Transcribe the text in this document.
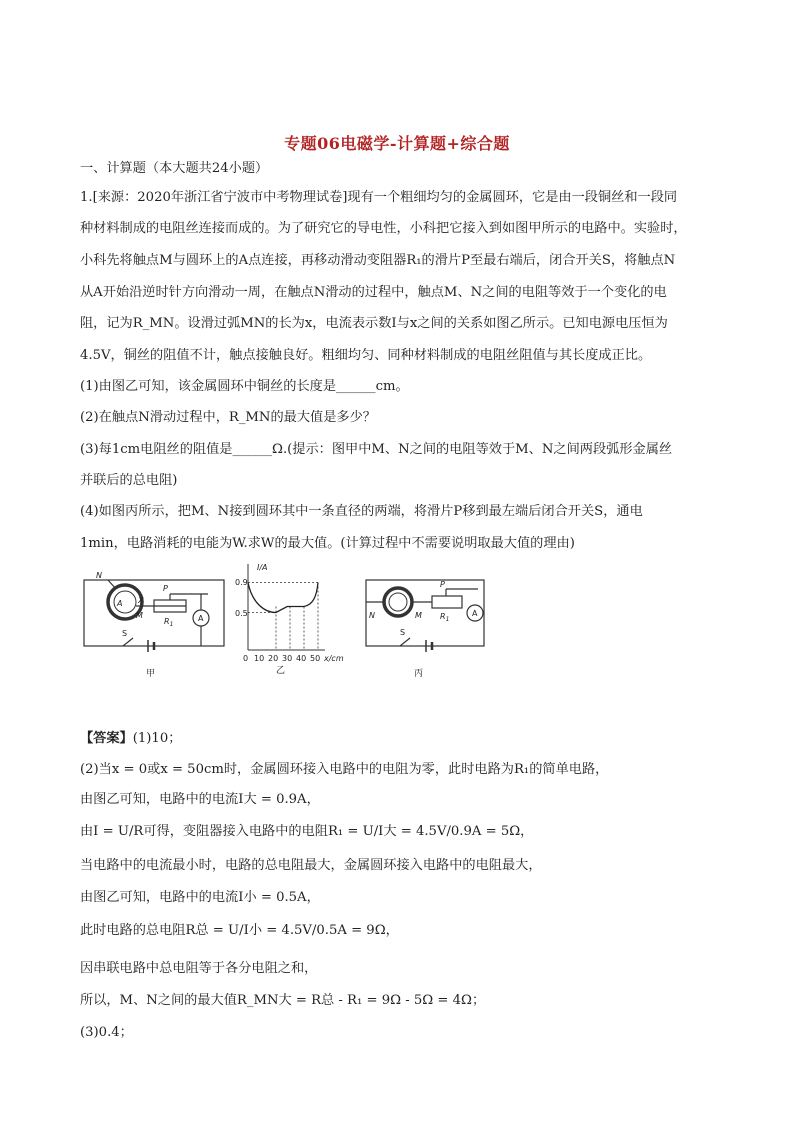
专题06电磁学-计算题+综合题
一、计算题（本大题共24小题）
1.[来源：2020年浙江省宁波市中考物理试卷]现有一个粗细均匀的金属圆环，它是由一段铜丝和一段同
种材料制成的电阻丝连接而成的。为了研究它的导电性，小科把它接入到如图甲所示的电路中。实验时，
小科先将触点M与圆环上的A点连接，再移动滑动变阻器R₁的滑片P至最右端后，闭合开关S，将触点N
从A开始沿逆时针方向滑动一周，在触点N滑动的过程中，触点M、N之间的电阻等效于一个变化的电
阻，记为R_MN。设滑过弧MN的长为x，电流表示数I与x之间的关系如图乙所示。已知电源电压恒为
4.5V，铜丝的阻值不计，触点接触良好。粗细均匀、同种材料制成的电阻丝阻值与其长度成正比。
(1)由图乙可知，该金属圆环中铜丝的长度是______cm。
(2)在触点N滑动过程中，R_MN的最大值是多少？
(3)每1cm电阻丝的阻值是______Ω.(提示：图甲中M、N之间的电阻等效于M、N之间两段弧形金属丝
并联后的总电阻)
(4)如图丙所示，把M、N接到圆环其中一条直径的两端，将滑片P移到最左端后闭合开关S，通电
1min，电路消耗的电能为W.求W的最大值。(计算过程中不需要说明取最大值的理由)
N
A X
M
P
$R_1$
A
S
甲
I/A
x/cm
0.9
0.5
0 10 20 30 40 50
乙
N	M
P
$R_1$
A
S
丙
【答案】(1)10；
(2)当x = 0或x = 50cm时，金属圆环接入电路中的电阻为零，此时电路为R₁的简单电路，
由图乙可知，电路中的电流I大 = 0.9A，
由I = U/R可得，变阻器接入电路中的电阻R₁ = U/I大 = 4.5V/0.9A = 5Ω，
当电路中的电流最小时，电路的总电阻最大，金属圆环接入电路中的电阻最大，
由图乙可知，电路中的电流I小 = 0.5A，
此时电路的总电阻R总 = U/I小 = 4.5V/0.5A = 9Ω，
因串联电路中总电阻等于各分电阻之和，
所以，M、N之间的最大值R_MN大 = R总 - R₁ = 9Ω - 5Ω = 4Ω；
(3)0.4；
